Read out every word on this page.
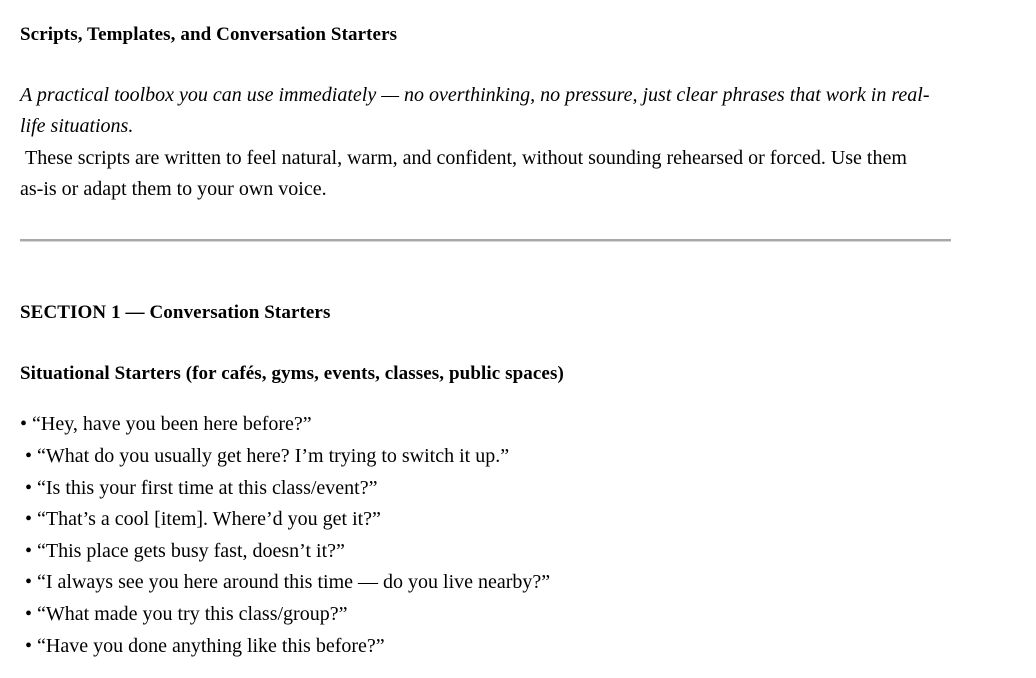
Scripts, Templates, and Conversation Starters

A practical toolbox you can use immediately — no overthinking, no pressure, just clear phrases that work in real-life situations.

These scripts are written to feel natural, warm, and confident, without sounding rehearsed or forced. Use them as-is or adapt them to your own voice.

SECTION 1 — Conversation Starters
Situational Starters (for cafés, gyms, events, classes, public spaces)
• “Hey, have you been here before?”
• “What do you usually get here? I’m trying to switch it up.”
• “Is this your first time at this class/event?”
• “That’s a cool [item]. Where’d you get it?”
• “This place gets busy fast, doesn’t it?”
• “I always see you here around this time — do you live nearby?”
• “What made you try this class/group?”
• “Have you done anything like this before?”
